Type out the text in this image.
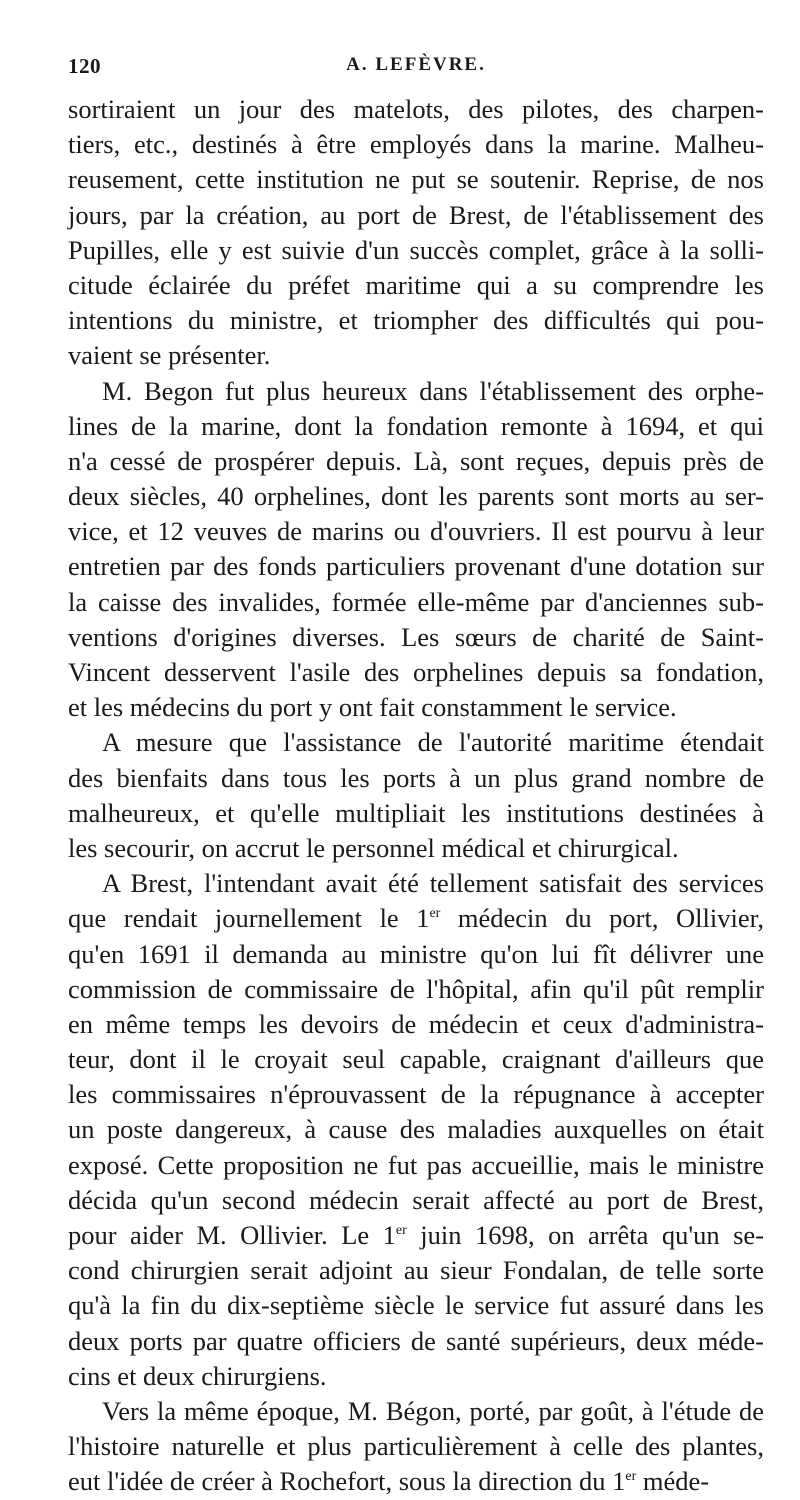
120	A. LEFÈVRE.
sortiraient un jour des matelots, des pilotes, des charpen-
tiers, etc., destinés à être employés dans la marine. Malheu-
reusement, cette institution ne put se soutenir. Reprise, de nos
jours, par la création, au port de Brest, de l'établissement des
Pupilles, elle y est suivie d'un succès complet, grâce à la solli-
citude éclairée du préfet maritime qui a su comprendre les
intentions du ministre, et triompher des difficultés qui pou-
vaient se présenter.
M. Begon fut plus heureux dans l'établissement des orphe-
lines de la marine, dont la fondation remonte à 1694, et qui
n'a cessé de prospérer depuis. Là, sont reçues, depuis près de
deux siècles, 40 orphelines, dont les parents sont morts au ser-
vice, et 12 veuves de marins ou d'ouvriers. Il est pourvu à leur
entretien par des fonds particuliers provenant d'une dotation sur
la caisse des invalides, formée elle-même par d'anciennes sub-
ventions d'origines diverses. Les sœurs de charité de Saint-
Vincent desservent l'asile des orphelines depuis sa fondation,
et les médecins du port y ont fait constamment le service.
A mesure que l'assistance de l'autorité maritime étendait
des bienfaits dans tous les ports à un plus grand nombre de
malheureux, et qu'elle multipliait les institutions destinées à
les secourir, on accrut le personnel médical et chirurgical.
A Brest, l'intendant avait été tellement satisfait des services
que rendait journellement le 1er médecin du port, Ollivier,
qu'en 1691 il demanda au ministre qu'on lui fît délivrer une
commission de commissaire de l'hôpital, afin qu'il pût remplir
en même temps les devoirs de médecin et ceux d'administra-
teur, dont il le croyait seul capable, craignant d'ailleurs que
les commissaires n'éprouvassent de la répugnance à accepter
un poste dangereux, à cause des maladies auxquelles on était
exposé. Cette proposition ne fut pas accueillie, mais le ministre
décida qu'un second médecin serait affecté au port de Brest,
pour aider M. Ollivier. Le 1er juin 1698, on arrêta qu'un se-
cond chirurgien serait adjoint au sieur Fondalan, de telle sorte
qu'à la fin du dix-septième siècle le service fut assuré dans les
deux ports par quatre officiers de santé supérieurs, deux méde-
cins et deux chirurgiens.
Vers la même époque, M. Bégon, porté, par goût, à l'étude de
l'histoire naturelle et plus particulièrement à celle des plantes,
eut l'idée de créer à Rochefort, sous la direction du 1er méde-
